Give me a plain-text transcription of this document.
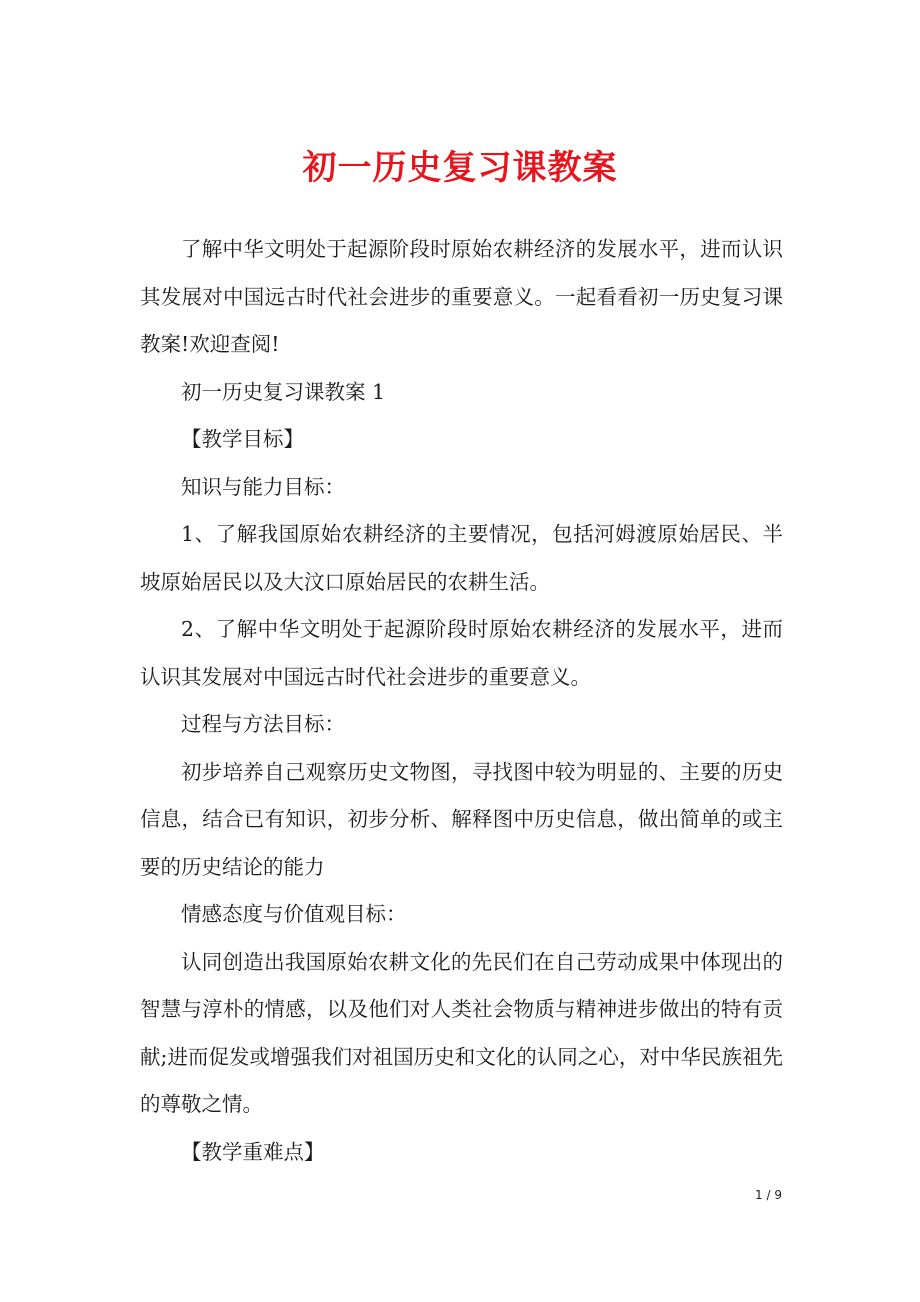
初一历史复习课教案

了解中华文明处于起源阶段时原始农耕经济的发展水平，进而认识其发展对中国远古时代社会进步的重要意义。一起看看初一历史复习课教案!欢迎查阅!

初一历史复习课教案 1

【教学目标】

知识与能力目标：

1、了解我国原始农耕经济的主要情况，包括河姆渡原始居民、半坡原始居民以及大汶口原始居民的农耕生活。

2、了解中华文明处于起源阶段时原始农耕经济的发展水平，进而认识其发展对中国远古时代社会进步的重要意义。

过程与方法目标：

初步培养自己观察历史文物图，寻找图中较为明显的、主要的历史信息，结合已有知识，初步分析、解释图中历史信息，做出简单的或主要的历史结论的能力

情感态度与价值观目标：

认同创造出我国原始农耕文化的先民们在自己劳动成果中体现出的智慧与淳朴的情感，以及他们对人类社会物质与精神进步做出的特有贡献;进而促发或增强我们对祖国历史和文化的认同之心，对中华民族祖先的尊敬之情。

【教学重难点】

1 / 9
